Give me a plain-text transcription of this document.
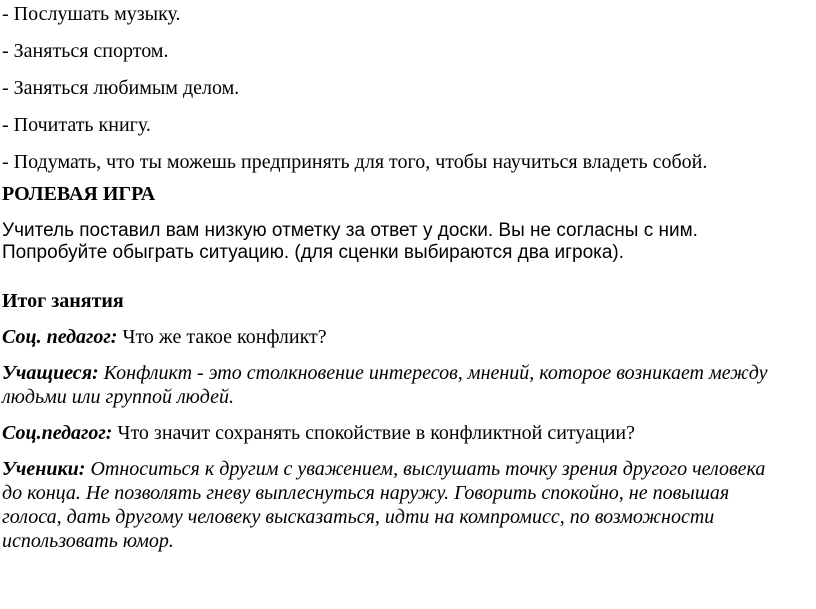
- Послушать музыку.
- Заняться спортом.
- Заняться любимым делом.
- Почитать книгу.
- Подумать, что ты можешь предпринять для того, чтобы научиться владеть собой.
РОЛЕВАЯ ИГРА
Учитель поставил вам низкую отметку за ответ у доски. Вы не согласны с ним.
Попробуйте обыграть ситуацию. (для сценки выбираются два игрока).
Итог занятия
Соц. педагог: Что же такое конфликт?
Учащиеся: Конфликт - это столкновение интересов, мнений, которое возникает между
людьми или группой людей.
Соц.педагог: Что значит сохранять спокойствие в конфликтной ситуации?
Ученики: Относиться к другим с уважением, выслушать точку зрения другого человека
до конца. Не позволять гневу выплеснуться наружу. Говорить спокойно, не повышая
голоса, дать другому человеку высказаться, идти на компромисс, по возможности
использовать юмор.
